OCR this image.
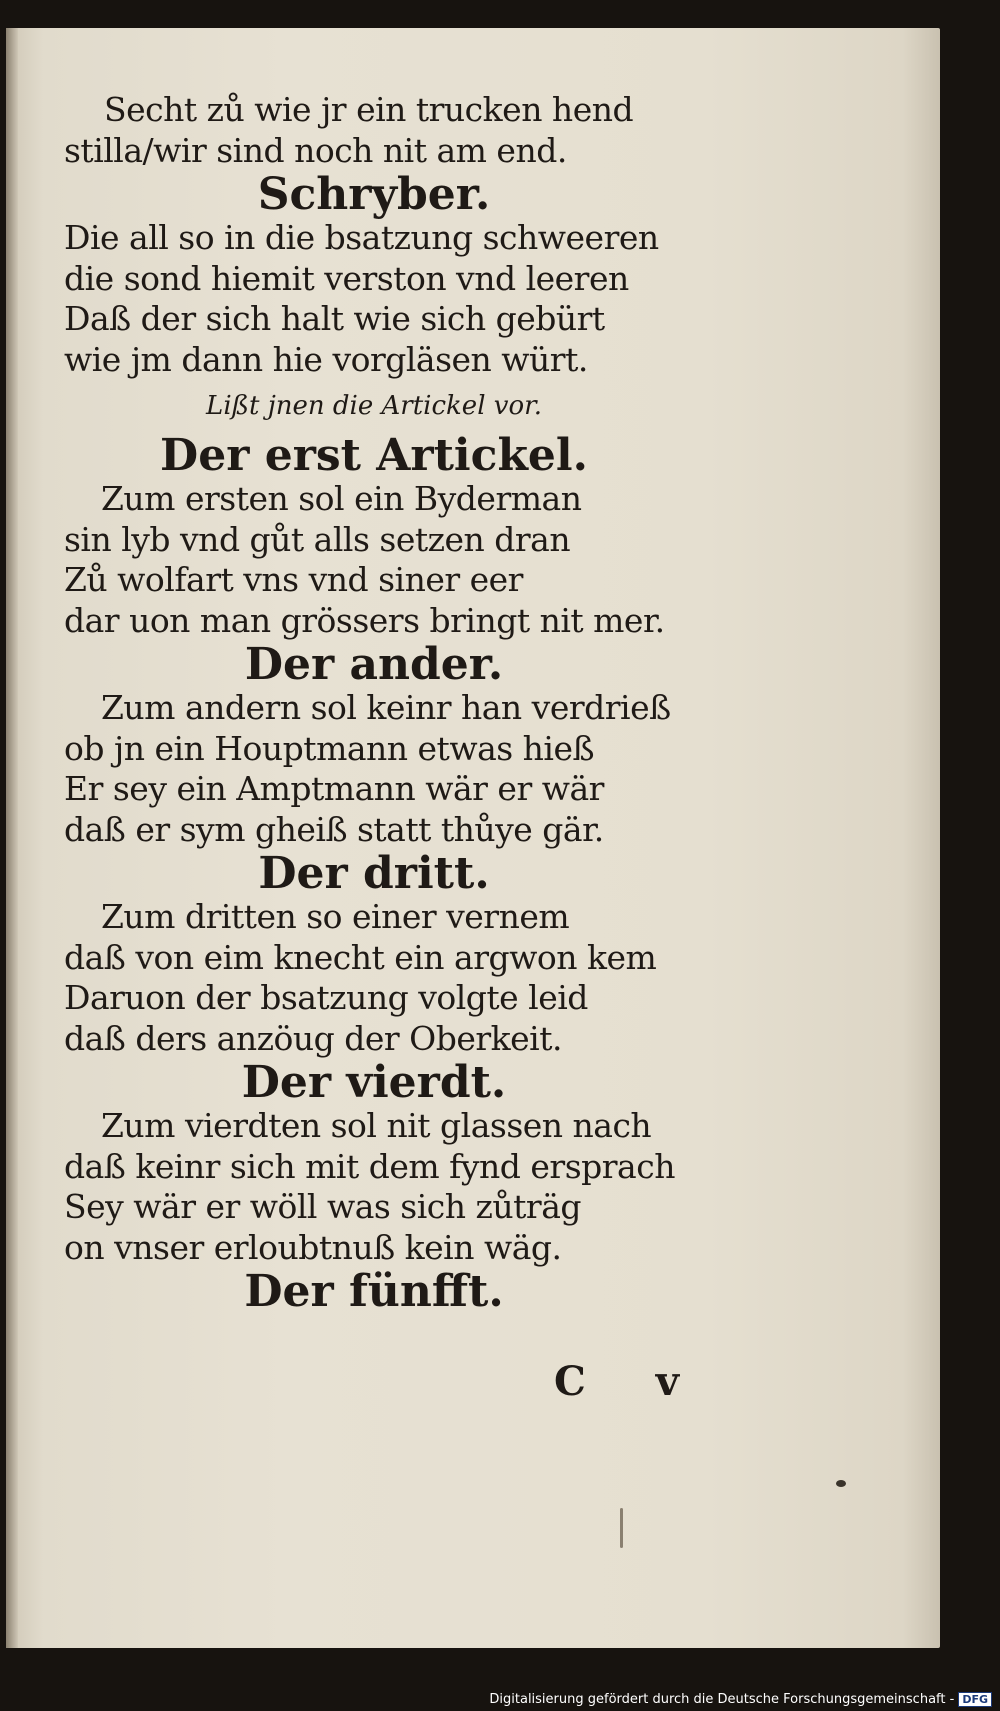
Secht zů wie jr ein trucken hend
stilla/wir sind noch nit am end.
Schryber.
Die all so in die bsatzung schweeren
die sond hiemit verston vnd leeren
Daß der sich halt wie sich gebürt
wie jm dann hie vorgläsen würt.
Lißt jnen die Artickel vor.
Der erst Artickel.
Zum ersten sol ein Byderman
sin lyb vnd gůt alls setzen dran
Zů wolfart vns vnd siner eer
dar uon man grössers bringt nit mer.
Der ander.
Zum andern sol keinr han verdrieß
ob jn ein Houptmann etwas hieß
Er sey ein Amptmann wär er wär
daß er sym gheiß statt thůye gär.
Der dritt.
Zum dritten so einer vernem
daß von eim knecht ein argwon kem
Daruon der bsatzung volgte leid
daß ders anzöug der Oberkeit.
Der vierdt.
Zum vierdten sol nit glassen nach
daß keinr sich mit dem fynd ersprach
Sey wär er wöll was sich zůträg
on vnser erloubtnuß kein wäg.
Der fünfft.
C v
Digitalisierung gefördert durch die Deutsche Forschungsgemeinschaft - DFG
